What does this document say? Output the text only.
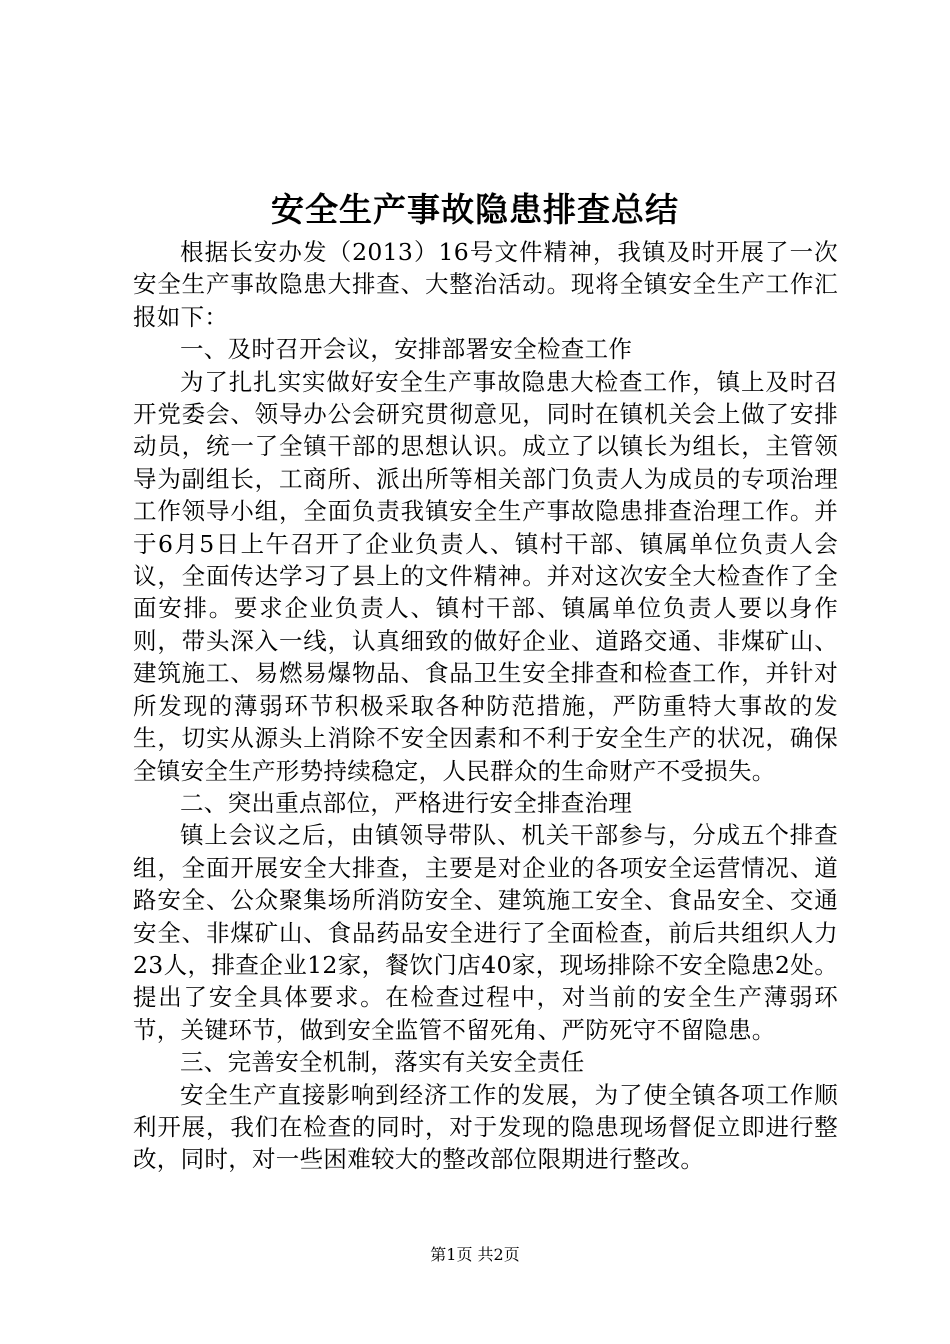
安全生产事故隐患排查总结

根据长安办发（2013）16号文件精神，我镇及时开展了一次安全生产事故隐患大排查、大整治活动。现将全镇安全生产工作汇报如下：

一、及时召开会议，安排部署安全检查工作

为了扎扎实实做好安全生产事故隐患大检查工作，镇上及时召开党委会、领导办公会研究贯彻意见，同时在镇机关会上做了安排动员，统一了全镇干部的思想认识。成立了以镇长为组长，主管领导为副组长，工商所、派出所等相关部门负责人为成员的专项治理工作领导小组，全面负责我镇安全生产事故隐患排查治理工作。并于6月5日上午召开了企业负责人、镇村干部、镇属单位负责人会议，全面传达学习了县上的文件精神。并对这次安全大检查作了全面安排。要求企业负责人、镇村干部、镇属单位负责人要以身作则，带头深入一线，认真细致的做好企业、道路交通、非煤矿山、建筑施工、易燃易爆物品、食品卫生安全排查和检查工作，并针对所发现的薄弱环节积极采取各种防范措施，严防重特大事故的发生，切实从源头上消除不安全因素和不利于安全生产的状况，确保全镇安全生产形势持续稳定，人民群众的生命财产不受损失。

二、突出重点部位，严格进行安全排查治理

镇上会议之后，由镇领导带队、机关干部参与，分成五个排查组，全面开展安全大排查，主要是对企业的各项安全运营情况、道路安全、公众聚集场所消防安全、建筑施工安全、食品安全、交通安全、非煤矿山、食品药品安全进行了全面检查，前后共组织人力23人，排查企业12家，餐饮门店40家，现场排除不安全隐患2处。提出了安全具体要求。在检查过程中，对当前的安全生产薄弱环节，关键环节，做到安全监管不留死角、严防死守不留隐患。

三、完善安全机制，落实有关安全责任

安全生产直接影响到经济工作的发展，为了使全镇各项工作顺利开展，我们在检查的同时，对于发现的隐患现场督促立即进行整改，同时，对一些困难较大的整改部位限期进行整改。

第1页 共2页
